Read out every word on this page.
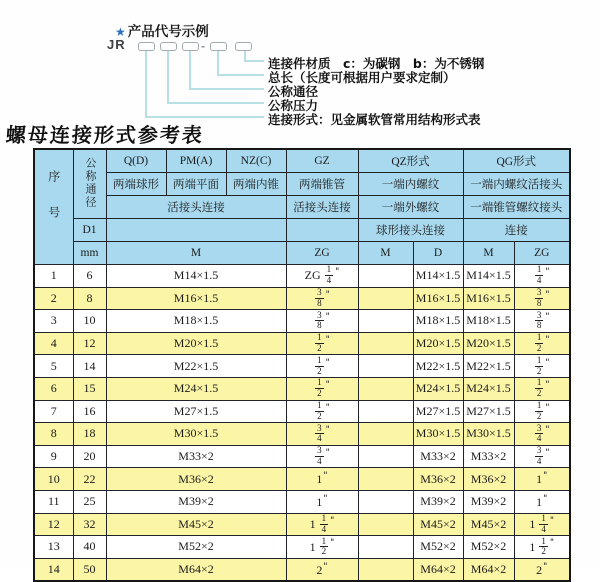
★ 产品代号示例
JR	-
连接件材质　c：为碳钢　b：为不锈钢
总长（长度可根据用户要求定制）
公称通径
公称压力
连接形式：见金属软管常用结构形式表
螺母连接形式参考表
序号	公称通径	Q(D)	PM(A)	NZ(C)	GZ	QZ形式		QG形式	
		两端球形	两端平面	两端内锥	两端锥管	一端内螺纹		一端内螺纹活接头	
		活接头连接			活接头连接	一端外螺纹		一端锥管螺纹接头	
	D1					球形接头连接		连接	
	mm	M			ZG	M	D	M	ZG
1	6	M14×1.5			ZG $\frac{1}{4} ^"$		M14×1.5	M14×1.5	$\frac{1}{4} ^"$
2	8	M16×1.5			$\frac{3}{8} ^"$		M16×1.5	M16×1.5	$\frac{3}{8} ^"$
3	10	M18×1.5			$\frac{3}{8} ^"$		M18×1.5	M18×1.5	$\frac{3}{8} ^"$
4	12	M20×1.5			$\frac{1}{2} ^"$		M20×1.5	M20×1.5	$\frac{1}{2} ^"$
5	14	M22×1.5			$\frac{1}{2} ^"$		M22×1.5	M22×1.5	$\frac{1}{2} ^"$
6	15	M24×1.5			$\frac{1}{2} ^"$		M24×1.5	M24×1.5	$\frac{1}{2} ^"$
7	16	M27×1.5			$\frac{1}{2} ^"$		M27×1.5	M27×1.5	$\frac{1}{2} ^"$
8	18	M30×1.5			$\frac{3}{4} ^"$		M30×1.5	M30×1.5	$\frac{3}{4} ^"$
9	20	M33×2			$\frac{3}{4} ^"$		M33×2	M33×2	$\frac{3}{4} ^"$
10	22	M36×2			1"		M36×2	M36×2	1"
11	25	M39×2			1"		M39×2	M39×2	1"
12	32	M45×2			$1 \frac{1}{4} ^"$		M45×2	M45×2	$1 \frac{1}{4} ^"$
13	40	M52×2			$1 \frac{1}{2} ^"$		M52×2	M52×2	$1 \frac{1}{2} ^"$
14	50	M64×2			2"		M64×2	M64×2	2"
